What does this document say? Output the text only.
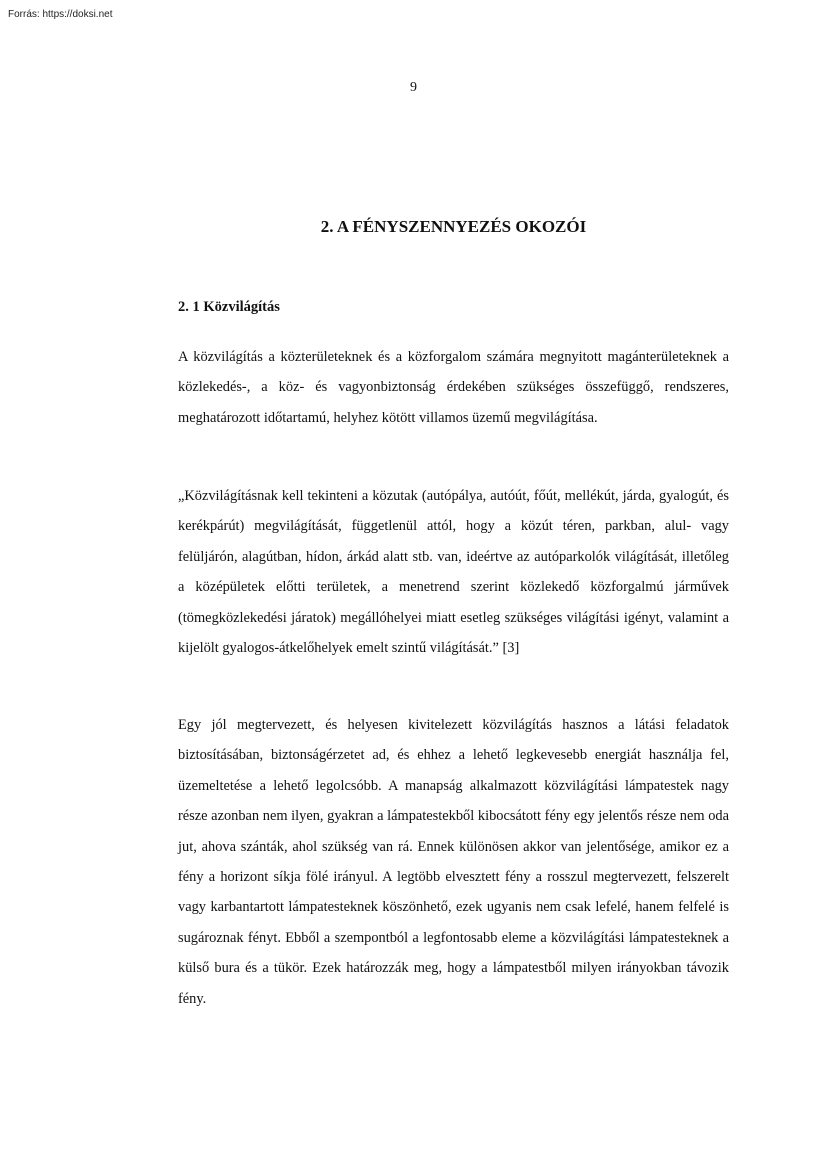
Forrás: https://doksi.net
9
2. A FÉNYSZENNYEZÉS OKOZÓI
2. 1 Közvilágítás

A közvilágítás a közterületeknek és a közforgalom számára megnyitott magánterületeknek a közlekedés-, a köz- és vagyonbiztonság érdekében szükséges összefüggő, rendszeres, meghatározott időtartamú, helyhez kötött villamos üzemű megvilágítása.

„Közvilágításnak kell tekinteni a közutak (autópálya, autóút, főút, mellékút, járda, gyalogút, és kerékpárút) megvilágítását, függetlenül attól, hogy a közút téren, parkban, alul- vagy felüljárón, alagútban, hídon, árkád alatt stb. van, ideértve az autóparkolók világítását, illetőleg a középületek előtti területek, a menetrend szerint közlekedő közforgalmú járművek (tömegközlekedési járatok) megállóhelyei miatt esetleg szükséges világítási igényt, valamint a kijelölt gyalogos-átkelőhelyek emelt szintű világítását.” [3]

Egy jól megtervezett, és helyesen kivitelezett közvilágítás hasznos a látási feladatok biztosításában, biztonságérzetet ad, és ehhez a lehető legkevesebb energiát használja fel, üzemeltetése a lehető legolcsóbb. A manapság alkalmazott közvilágítási lámpatestek nagy része azonban nem ilyen, gyakran a lámpatestekből kibocsátott fény egy jelentős része nem oda jut, ahova szánták, ahol szükség van rá. Ennek különösen akkor van jelentősége, amikor ez a fény a horizont síkja fölé irányul. A legtöbb elvesztett fény a rosszul megtervezett, felszerelt vagy karbantartott lámpatesteknek köszönhető, ezek ugyanis nem csak lefelé, hanem felfelé is sugároznak fényt. Ebből a szempontból a legfontosabb eleme a közvilágítási lámpatesteknek a külső bura és a tükör. Ezek határozzák meg, hogy a lámpatestből milyen irányokban távozik fény.
